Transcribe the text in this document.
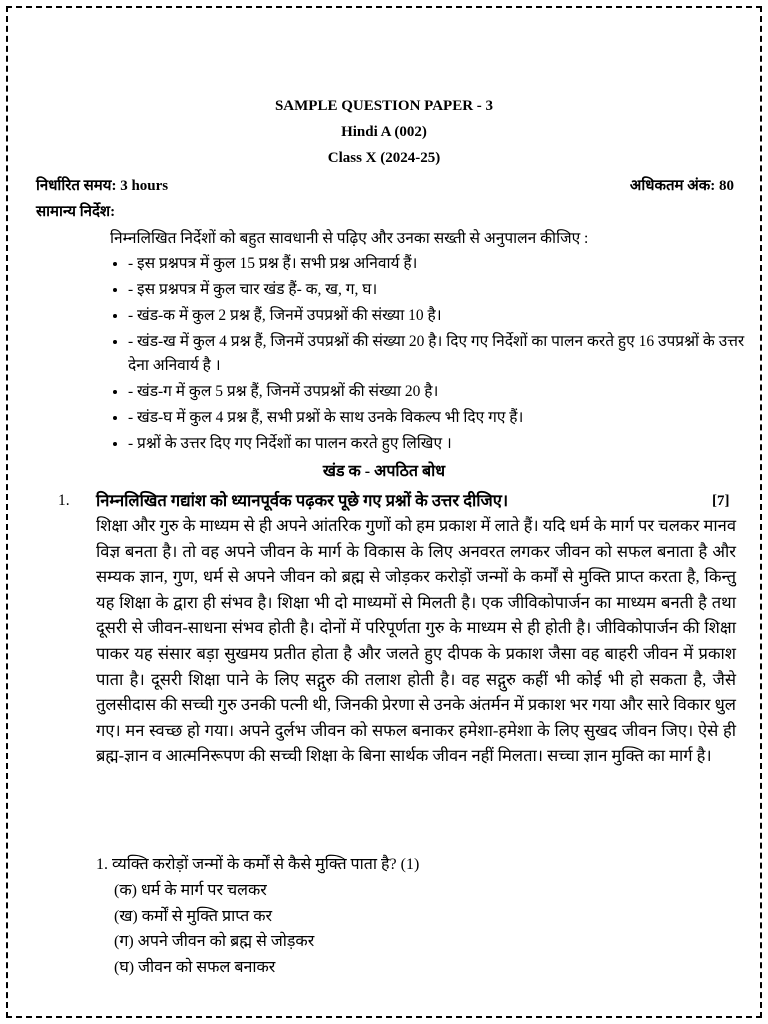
SAMPLE QUESTION PAPER - 3
Hindi A (002)
Class X (2024-25)
निर्धारित समय: 3 hours	अधिकतम अंक: 80
सामान्य निर्देश:
निम्नलिखित निर्देशों को बहुत सावधानी से पढ़िए और उनका सख्ती से अनुपालन कीजिए :
• - इस प्रश्नपत्र में कुल 15 प्रश्न हैं। सभी प्रश्न अनिवार्य हैं।
• - इस प्रश्नपत्र में कुल चार खंड हैं- क, ख, ग, घ।
• - खंड-क में कुल 2 प्रश्न हैं, जिनमें उपप्रश्नों की संख्या 10 है।
• - खंड-ख में कुल 4 प्रश्न हैं, जिनमें उपप्रश्नों की संख्या 20 है। दिए गए निर्देशों का पालन करते हुए 16 उपप्रश्नों के उत्तर देना अनिवार्य है ।
• - खंड-ग में कुल 5 प्रश्न हैं, जिनमें उपप्रश्नों की संख्या 20 है।
• - खंड-घ में कुल 4 प्रश्न हैं, सभी प्रश्नों के साथ उनके विकल्प भी दिए गए हैं।
• - प्रश्नों के उत्तर दिए गए निर्देशों का पालन करते हुए लिखिए ।
खंड क - अपठित बोध
1. निम्नलिखित गद्यांश को ध्यानपूर्वक पढ़कर पूछे गए प्रश्नों के उत्तर दीजिए।	[7]
शिक्षा और गुरु के माध्यम से ही अपने आंतरिक गुणों को हम प्रकाश में लाते हैं। यदि धर्म के मार्ग पर चलकर मानव विज्ञ बनता है। तो वह अपने जीवन के मार्ग के विकास के लिए अनवरत लगकर जीवन को सफल बनाता है और सम्यक ज्ञान, गुण, धर्म से अपने जीवन को ब्रह्म से जोड़कर करोड़ों जन्मों के कर्मों से मुक्ति प्राप्त करता है, किन्तु यह शिक्षा के द्वारा ही संभव है। शिक्षा भी दो माध्यमों से मिलती है। एक जीविकोपार्जन का माध्यम बनती है तथा दूसरी से जीवन-साधना संभव होती है। दोनों में परिपूर्णता गुरु के माध्यम से ही होती है। जीविकोपार्जन की शिक्षा पाकर यह संसार बड़ा सुखमय प्रतीत होता है और जलते हुए दीपक के प्रकाश जैसा वह बाहरी जीवन में प्रकाश पाता है। दूसरी शिक्षा पाने के लिए सद्गुरु की तलाश होती है। वह सद्गुरु कहीं भी कोई भी हो सकता है, जैसे तुलसीदास की सच्ची गुरु उनकी पत्नी थी, जिनकी प्रेरणा से उनके अंतर्मन में प्रकाश भर गया और सारे विकार धुल गए। मन स्वच्छ हो गया। अपने दुर्लभ जीवन को सफल बनाकर हमेशा-हमेशा के लिए सुखद जीवन जिए। ऐसे ही ब्रह्म-ज्ञान व आत्मनिरूपण की सच्ची शिक्षा के बिना सार्थक जीवन नहीं मिलता। सच्चा ज्ञान मुक्ति का मार्ग है।
1. व्यक्ति करोड़ों जन्मों के कर्मों से कैसे मुक्ति पाता है? (1)
(क) धर्म के मार्ग पर चलकर
(ख) कर्मों से मुक्ति प्राप्त कर
(ग) अपने जीवन को ब्रह्म से जोड़कर
(घ) जीवन को सफल बनाकर
